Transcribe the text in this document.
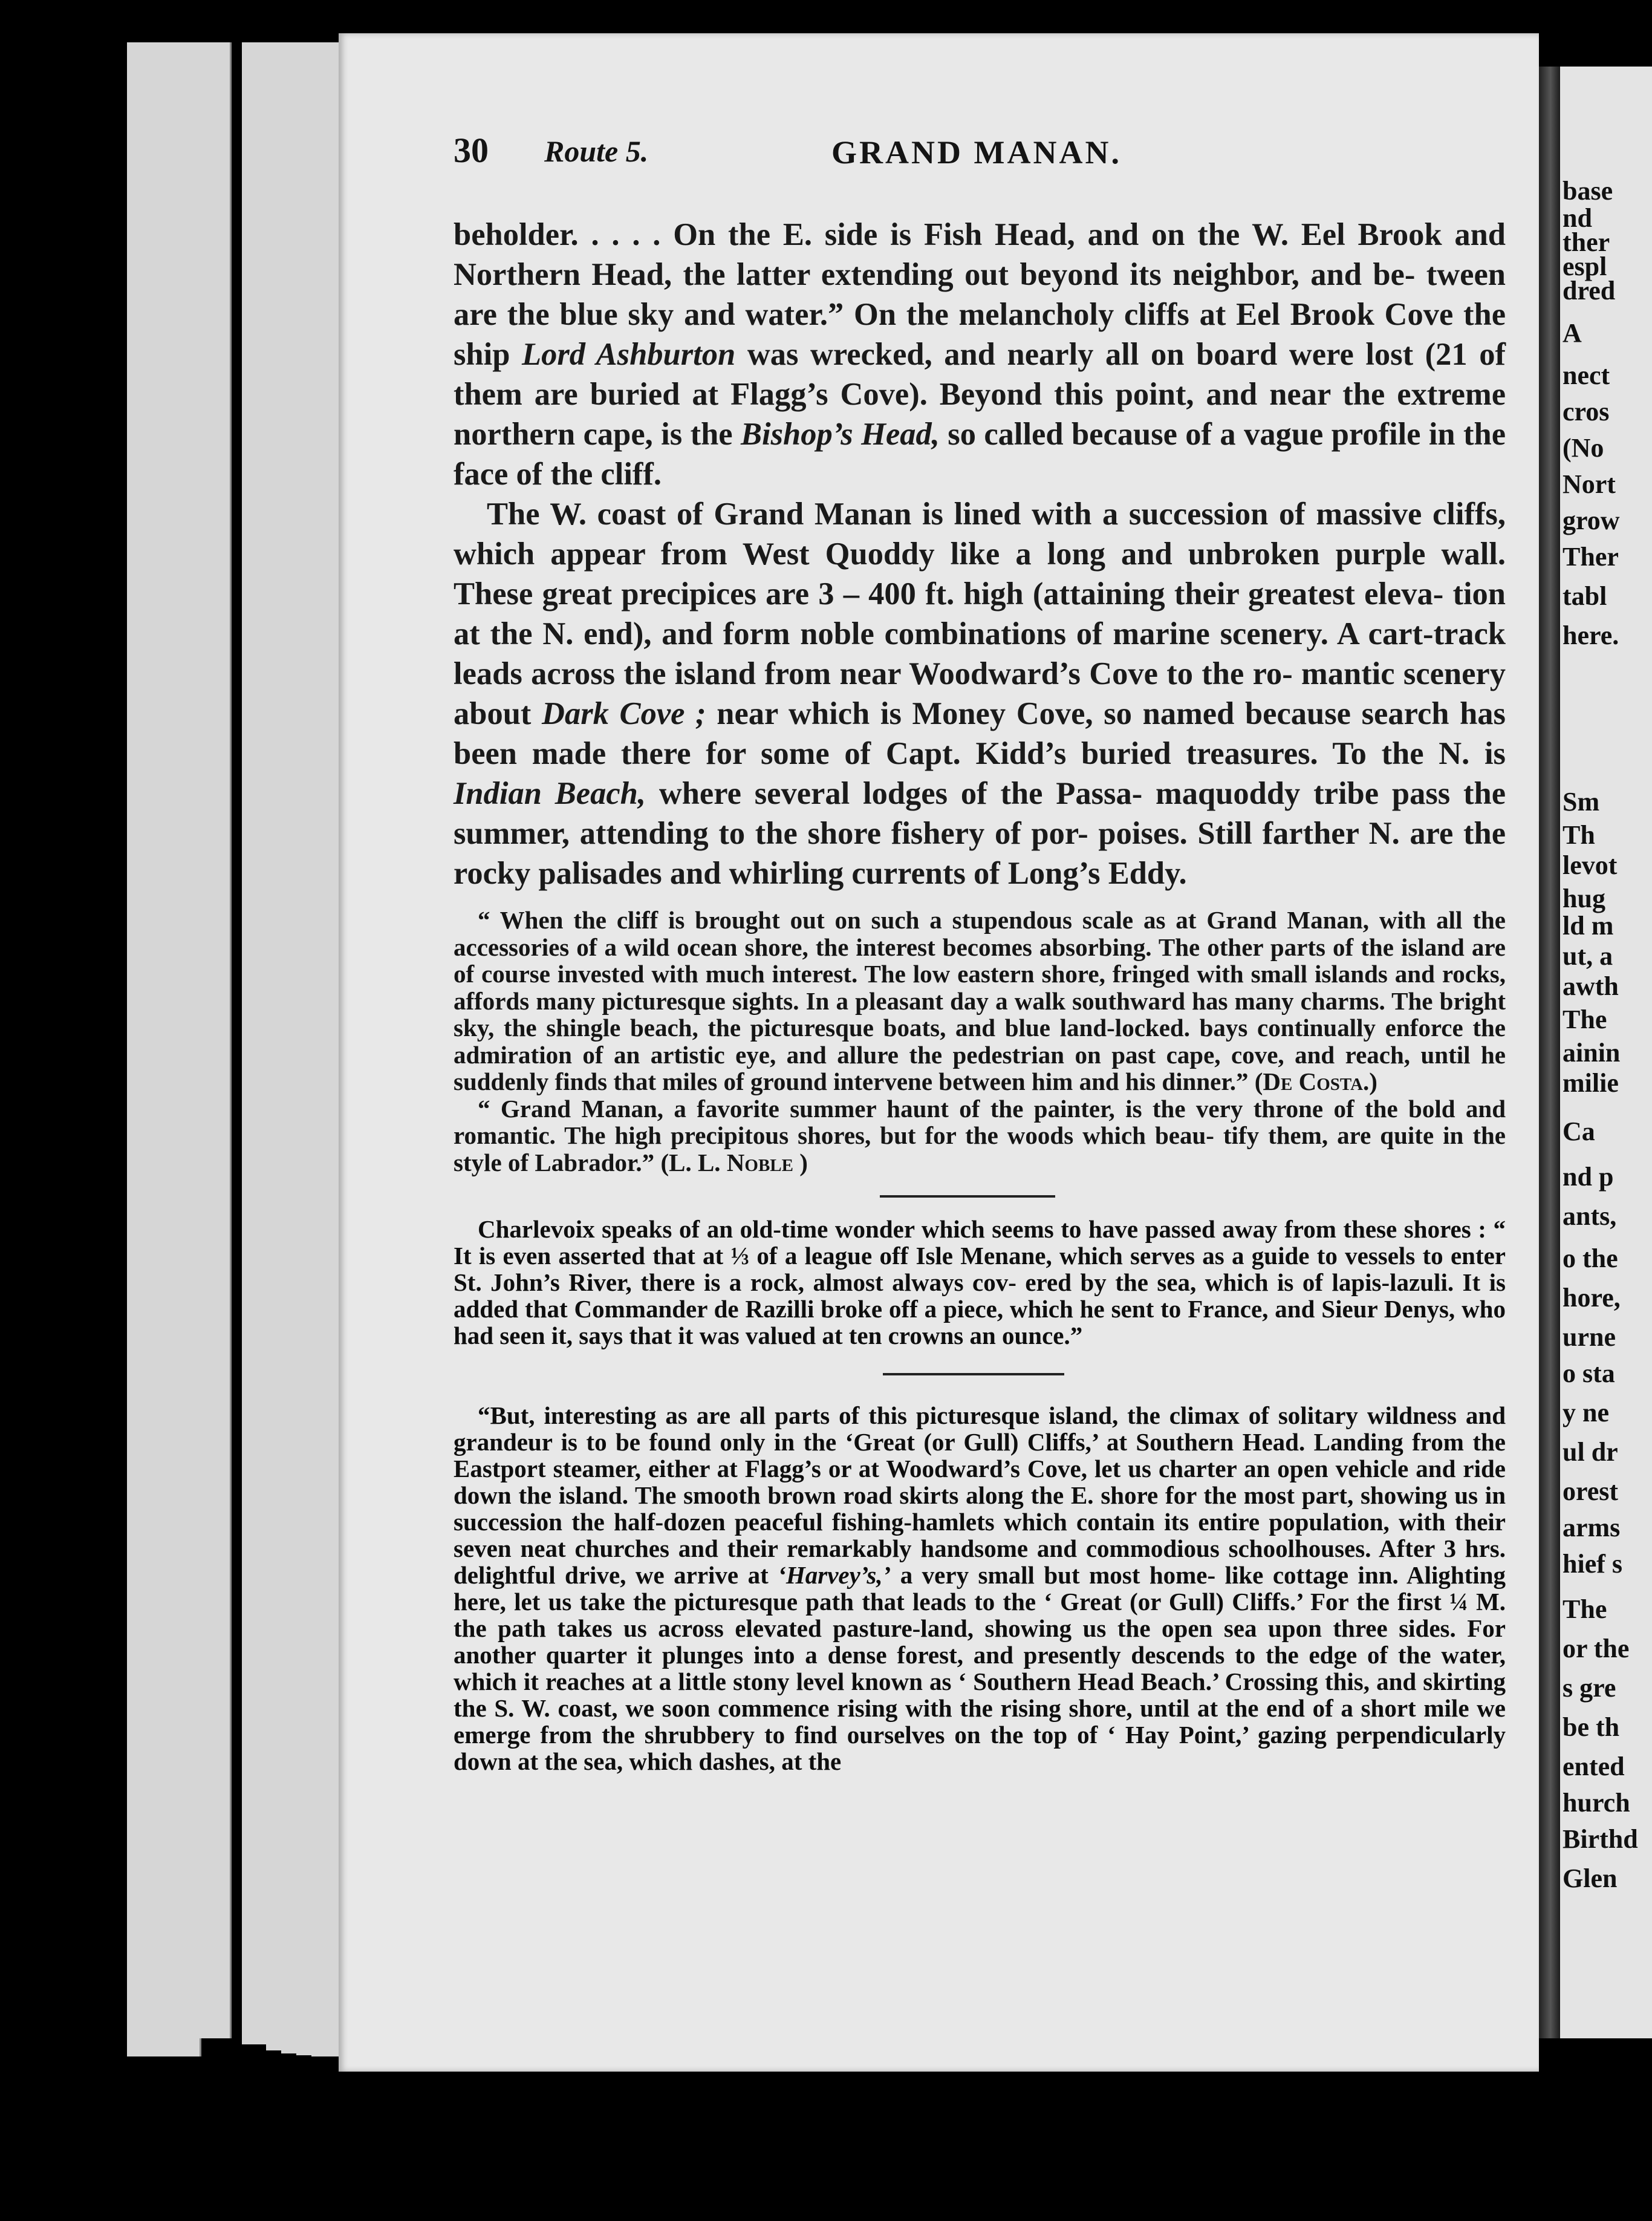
base
nd
ther
espl
dred
A
nect
cros
(No
Nort
grow
Ther
tabl
here.
Sm
Th
levot
hug
ld m
ut, a
awth
The
ainin
milie
Ca
nd p
ants,
o the
hore,
urne
o sta
y ne
ul dr
orest
arms
hief s
The
or the
s gre
be th
ented
hurch
Birthd
Glen
30 Route 5.	GRAND MANAN.

beholder. . . . . On the E. side is Fish Head, and on the W. Eel Brook and Northern Head, the latter extending out beyond its neighbor, and be- tween are the blue sky and water.” On the melancholy cliffs at Eel Brook Cove the ship Lord Ashburton was wrecked, and nearly all on board were lost (21 of them are buried at Flagg’s Cove). Beyond this point, and near the extreme northern cape, is the Bishop’s Head, so called because of a vague profile in the face of the cliff.

The W. coast of Grand Manan is lined with a succession of massive cliffs, which appear from West Quoddy like a long and unbroken purple wall. These great precipices are 3 – 400 ft. high (attaining their greatest eleva- tion at the N. end), and form noble combinations of marine scenery. A cart-track leads across the island from near Woodward’s Cove to the ro- mantic scenery about Dark Cove ; near which is Money Cove, so named because search has been made there for some of Capt. Kidd’s buried treasures. To the N. is Indian Beach, where several lodges of the Passa- maquoddy tribe pass the summer, attending to the shore fishery of por- poises. Still farther N. are the rocky palisades and whirling currents of Long’s Eddy.

“ When the cliff is brought out on such a stupendous scale as at Grand Manan, with all the accessories of a wild ocean shore, the interest becomes absorbing. The other parts of the island are of course invested with much interest. The low eastern shore, fringed with small islands and rocks, affords many picturesque sights. In a pleasant day a walk southward has many charms. The bright sky, the shingle beach, the picturesque boats, and blue land-locked. bays continually enforce the admiration of an artistic eye, and allure the pedestrian on past cape, cove, and reach, until he suddenly finds that miles of ground intervene between him and his dinner.” (De Costa.)

“ Grand Manan, a favorite summer haunt of the painter, is the very throne of the bold and romantic. The high precipitous shores, but for the woods which beau- tify them, are quite in the style of Labrador.” (L. L. Noble )

Charlevoix speaks of an old-time wonder which seems to have passed away from these shores : “ It is even asserted that at ⅓ of a league off Isle Menane, which serves as a guide to vessels to enter St. John’s River, there is a rock, almost always cov- ered by the sea, which is of lapis-lazuli. It is added that Commander de Razilli broke off a piece, which he sent to France, and Sieur Denys, who had seen it, says that it was valued at ten crowns an ounce.”

“But, interesting as are all parts of this picturesque island, the climax of solitary wildness and grandeur is to be found only in the ‘Great (or Gull) Cliffs,’ at Southern Head. Landing from the Eastport steamer, either at Flagg’s or at Woodward’s Cove, let us charter an open vehicle and ride down the island. The smooth brown road skirts along the E. shore for the most part, showing us in succession the half-dozen peaceful fishing-hamlets which contain its entire population, with their seven neat churches and their remarkably handsome and commodious schoolhouses. After 3 hrs. delightful drive, we arrive at ‘Harvey’s,’ a very small but most home- like cottage inn. Alighting here, let us take the picturesque path that leads to the ‘ Great (or Gull) Cliffs.’ For the first ¼ M. the path takes us across elevated pasture-land, showing us the open sea upon three sides. For another quarter it plunges into a dense forest, and presently descends to the edge of the water, which it reaches at a little stony level known as ‘ Southern Head Beach.’ Crossing this, and skirting the S. W. coast, we soon commence rising with the rising shore, until at the end of a short mile we emerge from the shrubbery to find ourselves on the top of ‘ Hay Point,’ gazing perpendicularly down at the sea, which dashes, at the
